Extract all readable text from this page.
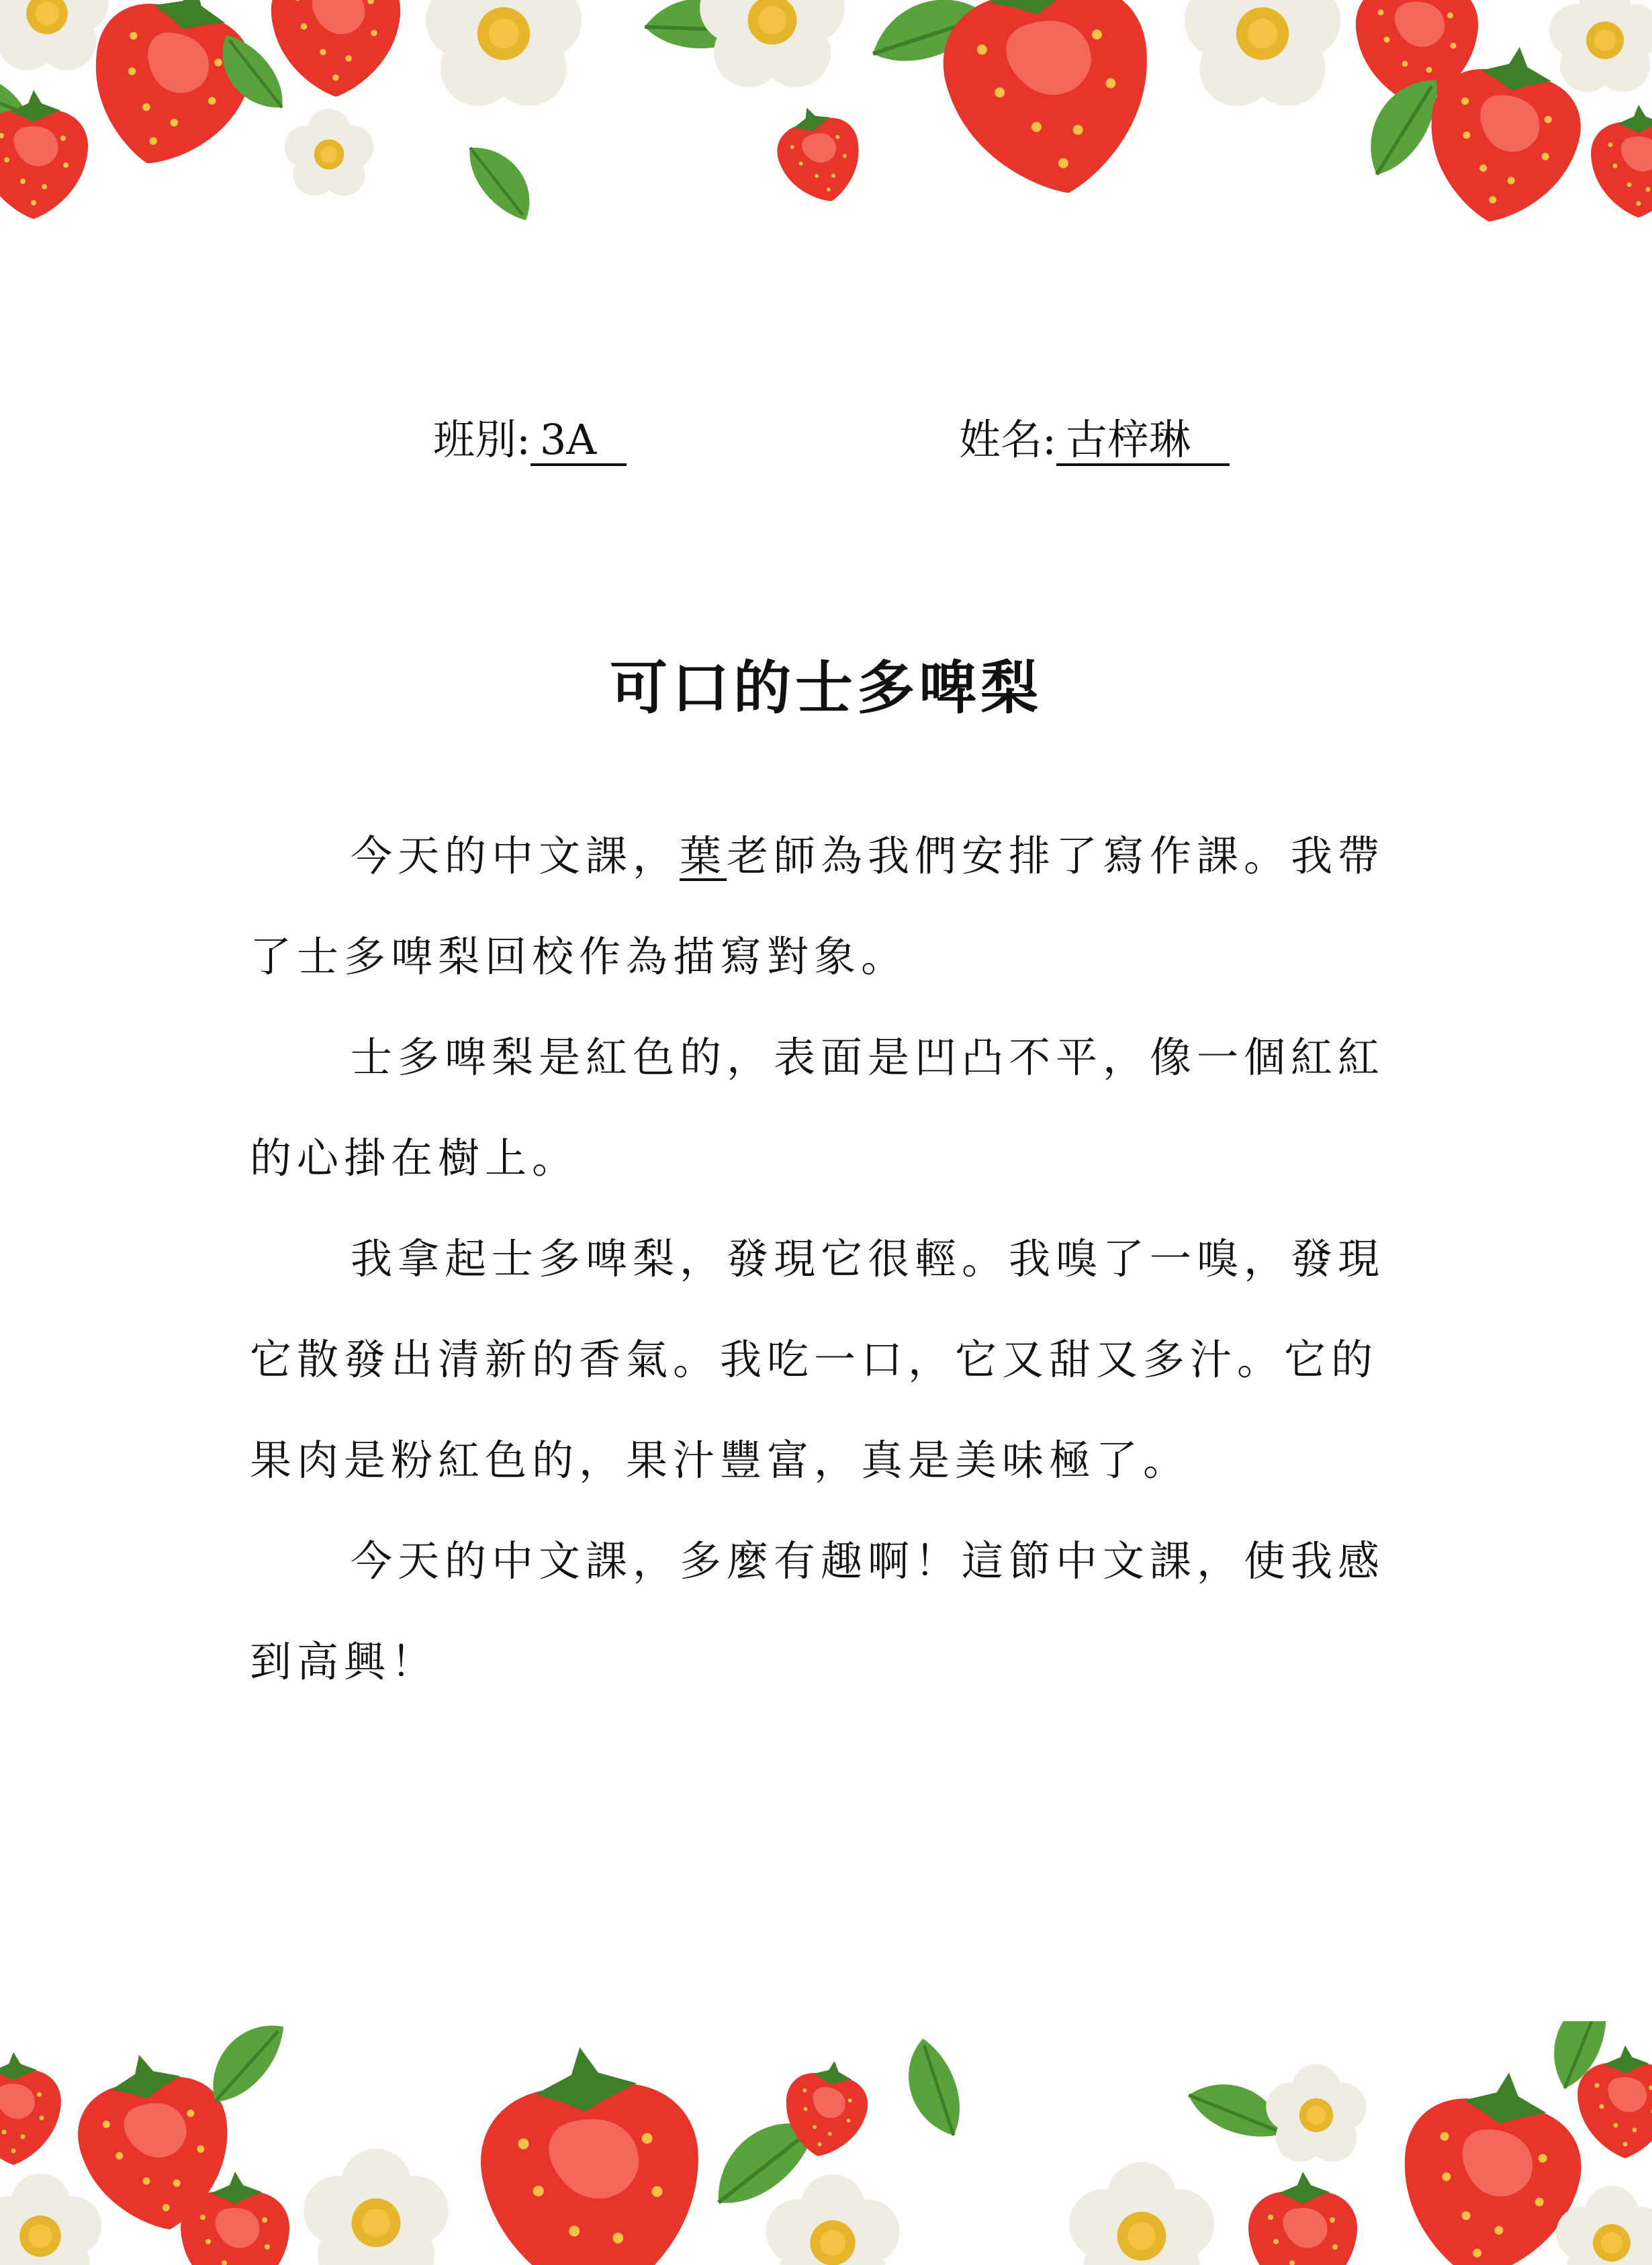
班別: 3A	姓名: 古梓琳
可口的士多啤梨

今天的中文課，葉老師為我們安排了寫作課。我帶了士多啤梨回校作為描寫對象。

士多啤梨是紅色的，表面是凹凸不平，像一個紅紅的心掛在樹上。

我拿起士多啤梨，發現它很輕。我嗅了一嗅，發現它散發出清新的香氣。我吃一口，它又甜又多汁。它的果肉是粉紅色的，果汁豐富，真是美味極了。

今天的中文課，多麼有趣啊！這節中文課，使我感到高興！
